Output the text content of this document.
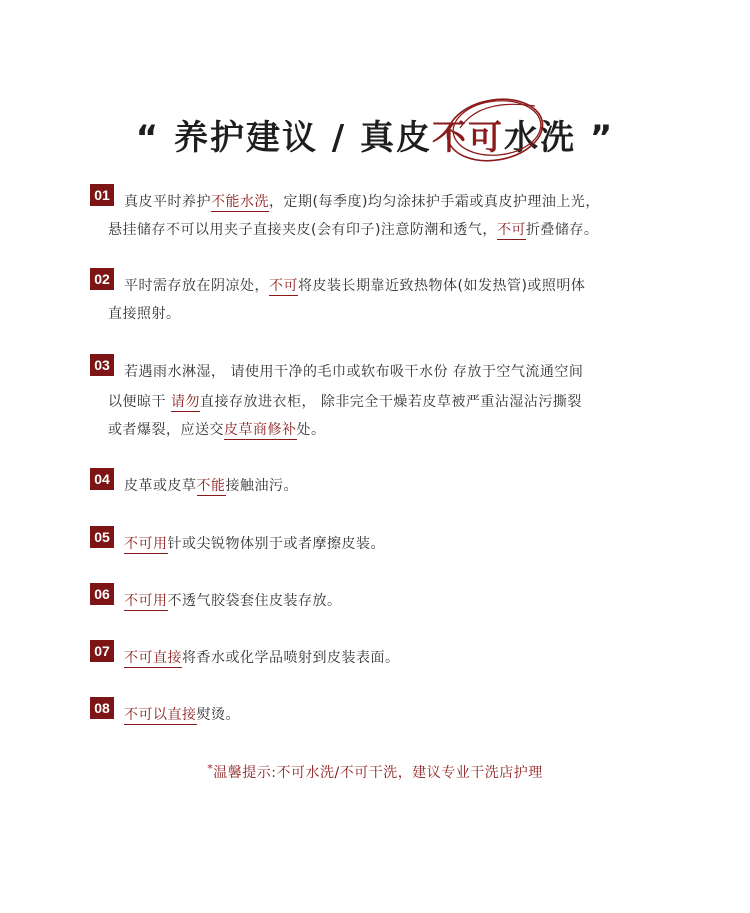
“ 养护建议 / 真皮不可水洗 ”
01	真皮平时养护不能水洗，定期(每季度)均匀涂抹护手霜或真皮护理油上光，
悬挂储存不可以用夹子直接夹皮(会有印子)注意防潮和透气，不可折叠储存。
02	平时需存放在阴凉处，不可将皮装长期靠近致热物体(如发热管)或照明体
直接照射。
03	若遇雨水淋湿， 请使用干净的毛巾或软布吸干水份 存放于空气流通空间
以便晾干 请勿直接存放进衣柜， 除非完全干燥若皮草被严重沾湿沾污撕裂
或者爆裂，应送交皮草商修补处。
04	皮革或皮草不能接触油污。
05	不可用针或尖锐物体别于或者摩擦皮装。
06	不可用不透气胶袋套住皮装存放。
07	不可直接将香水或化学品喷射到皮装表面。
08	不可以直接熨烫。
*温馨提示:不可水洗/不可干洗，建议专业干洗店护理
